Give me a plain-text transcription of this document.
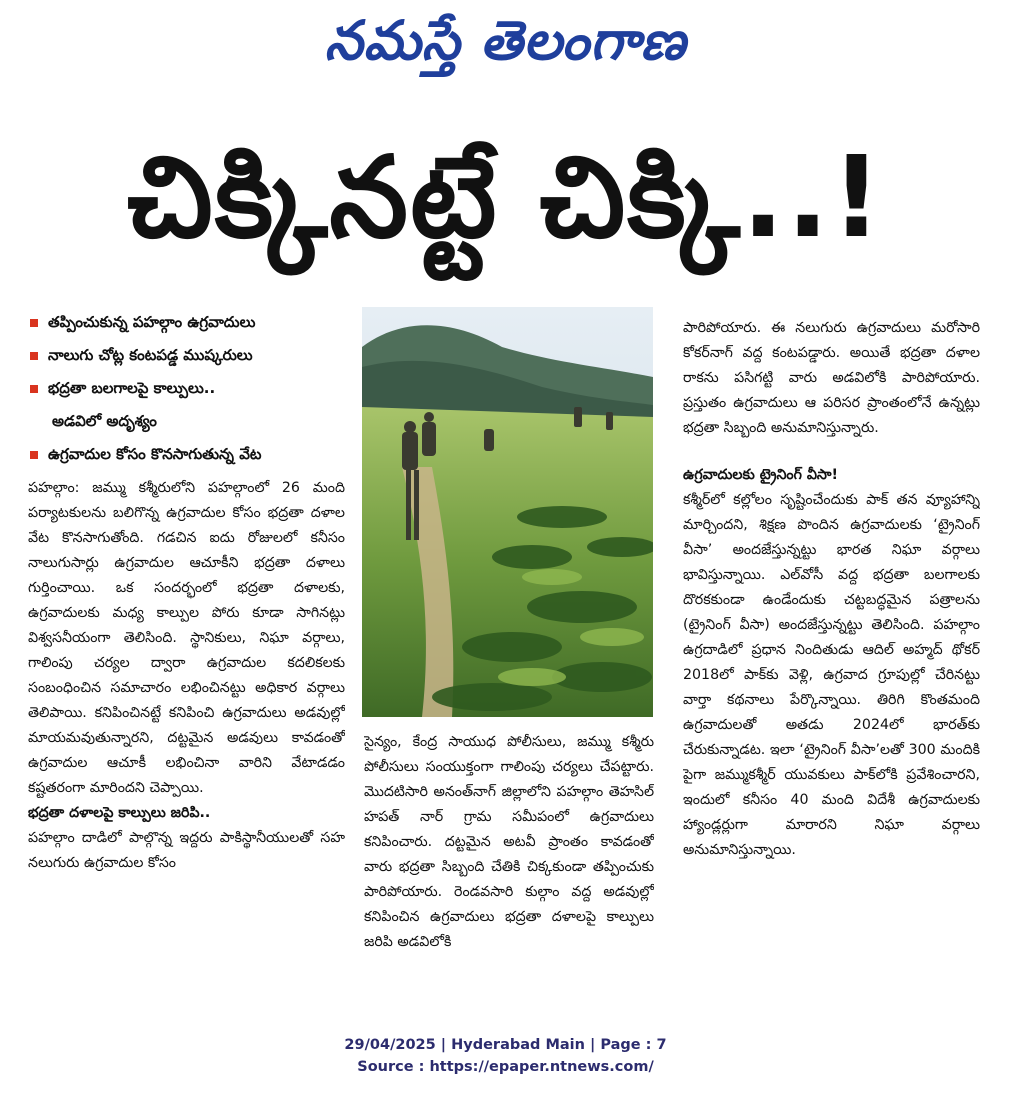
నమస్తే తెలంగాణ
చిక్కినట్టే చిక్కి..!
తప్పించుకున్న పహల్గాం ఉగ్రవాదులు
నాలుగు చోట్ల కంటపడ్డ ముష్కరులు
భద్రతా బలగాలపై కాల్పులు..
అడవిలో అదృశ్యం
ఉగ్రవాదుల కోసం కొనసాగుతున్న వేట

పహల్గాం: జమ్ము కశ్మీరులోని పహల్గాంలో 26 మంది పర్యాటకులను బలిగొన్న ఉగ్రవాదుల కోసం భద్రతా దళాల వేట కొనసాగుతోంది. గడచిన ఐదు రోజులలో కనీసం నాలుగుసార్లు ఉగ్రవాదుల ఆచూకీని భద్రతా దళాలు గుర్తించాయి. ఒక సందర్భంలో భద్రతా దళాలకు, ఉగ్రవాదులకు మధ్య కాల్పుల పోరు కూడా సాగినట్లు విశ్వసనీయంగా తెలిసింది. స్థానికులు, నిఘా వర్గాలు, గాలింపు చర్యల ద్వారా ఉగ్రవాదుల కదలికలకు సంబంధించిన సమాచారం లభించినట్టు అధికార వర్గాలు తెలిపాయి. కనిపించినట్టే కనిపించి ఉగ్రవాదులు అడవుల్లో మాయమవుతున్నారని, దట్టమైన అడవులు కావడంతో ఉగ్రవాదుల ఆచూకీ లభించినా వారిని వేటాడడం కష్టతరంగా మారిందని చెప్పాయి.

భద్రతా దళాలపై కాల్పులు జరిపి..

పహల్గాం దాడిలో పాల్గొన్న ఇద్దరు పాకిస్థానీయులతో సహ నలుగురు ఉగ్రవాదుల కోసం

సైన్యం, కేంద్ర సాయుధ పోలీసులు, జమ్ము కశ్మీరు పోలీసులు సంయుక్తంగా గాలింపు చర్యలు చేపట్టారు. మొదటిసారి అనంత్‌నాగ్ జిల్లాలోని పహల్గాం తెహసిల్ హపత్ నార్ గ్రామ సమీపంలో ఉగ్రవాదులు కనిపించారు. దట్టమైన అటవీ ప్రాంతం కావడంతో వారు భద్రతా సిబ్బంది చేతికి చిక్కకుండా తప్పించుకు పారిపోయారు. రెండవసారి కుల్గాం వద్ద అడవుల్లో కనిపించిన ఉగ్రవాదులు భద్రతా దళాలపై కాల్పులు జరిపి అడవిలోకి

పారిపోయారు. ఈ నలుగురు ఉగ్రవాదులు మరోసారి కోకర్‌నాగ్ వద్ద కంటపడ్డారు. అయితే భద్రతా దళాల రాకను పసిగట్టి వారు అడవిలోకి పారిపోయారు. ప్రస్తుతం ఉగ్రవాదులు ఆ పరిసర ప్రాంతంలోనే ఉన్నట్లు భద్రతా సిబ్బంది అనుమానిస్తున్నారు.

ఉగ్రవాదులకు ట్రైనింగ్ వీసా!

కశ్మీర్‌లో కల్లోలం సృష్టించేందుకు పాక్ తన వ్యూహాన్ని మార్చిందని, శిక్షణ పొందిన ఉగ్రవాదులకు ‘ట్రైనింగ్ వీసా’ అందజేస్తున్నట్టు భారత నిఘా వర్గాలు భావిస్తున్నాయి. ఎల్‌వోసీ వద్ద భద్రతా బలగాలకు దొరకకుండా ఉండేందుకు చట్టబద్ధమైన పత్రాలను (ట్రైనింగ్ వీసా) అందజేస్తున్నట్టు తెలిసింది. పహల్గాం ఉగ్రదాడిలో ప్రధాన నిందితుడు ఆదిల్ అహ్మద్ థోకర్ 2018లో పాక్‌కు వెళ్లి, ఉగ్రవాద గ్రూపుల్లో చేరినట్టు వార్తా కథనాలు పేర్కొన్నాయి. తిరిగి కొంతమంది ఉగ్రవాదులతో అతడు 2024లో భారత్‌కు చేరుకున్నాడట. ఇలా ‘ట్రైనింగ్ వీసా’లతో 300 మందికి పైగా జమ్ముకశ్మీర్ యువకులు పాక్‌లోకి ప్రవేశించారని, ఇందులో కనీసం 40 మంది విదేశీ ఉగ్రవాదులకు హ్యాండ్లర్లుగా మారారని నిఘా వర్గాలు అనుమానిస్తున్నాయి.

29/04/2025 | Hyderabad Main | Page : 7
Source : https://epaper.ntnews.com/
